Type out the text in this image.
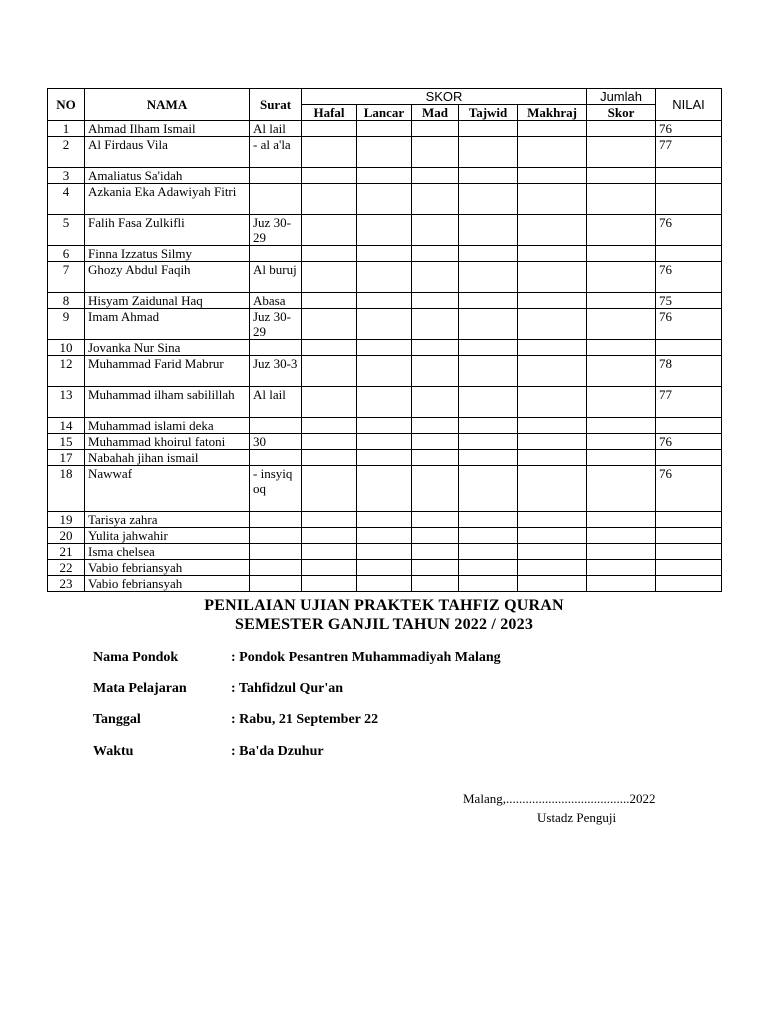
NO	NAMA	Surat	SKOR					Jumlah	NILAI
			Hafal	Lancar	Mad	Tajwid	Makhraj	Skor	
1	Ahmad Ilham Ismail	Al lail							76
2	Al Firdaus Vila	- al a'la							77
3	Amaliatus Sa'idah								
4	Azkania Eka Adawiyah Fitri								
5	Falih Fasa Zulkifli	Juz 30-29							76
6	Finna Izzatus Silmy								
7	Ghozy Abdul Faqih	Al buruj							76
8	Hisyam Zaidunal Haq	Abasa							75
9	Imam Ahmad	Juz 30-29							76
10	Jovanka Nur Sina								
12	Muhammad Farid Mabrur	Juz 30-3							78
13	Muhammad ilham sabilillah	Al lail							77
14	Muhammad islami deka								
15	Muhammad khoirul fatoni	30							76
17	Nabahah jihan ismail								
18	Nawwaf	- insyiq oq							76
19	Tarisya zahra								
20	Yulita jahwahir								
21	Isma chelsea								
22	Vabio febriansyah								
23	Vabio febriansyah								
PENILAIAN UJIAN PRAKTEK TAHFIZ QURAN
SEMESTER GANJIL TAHUN 2022 / 2023
Nama Pondok	: Pondok Pesantren Muhammadiyah Malang
Mata Pelajaran	: Tahfidzul Qur'an
Tanggal	: Rabu, 21 September 22
Waktu	: Ba'da Dzuhur
Malang,......................................2022
Ustadz Penguji
